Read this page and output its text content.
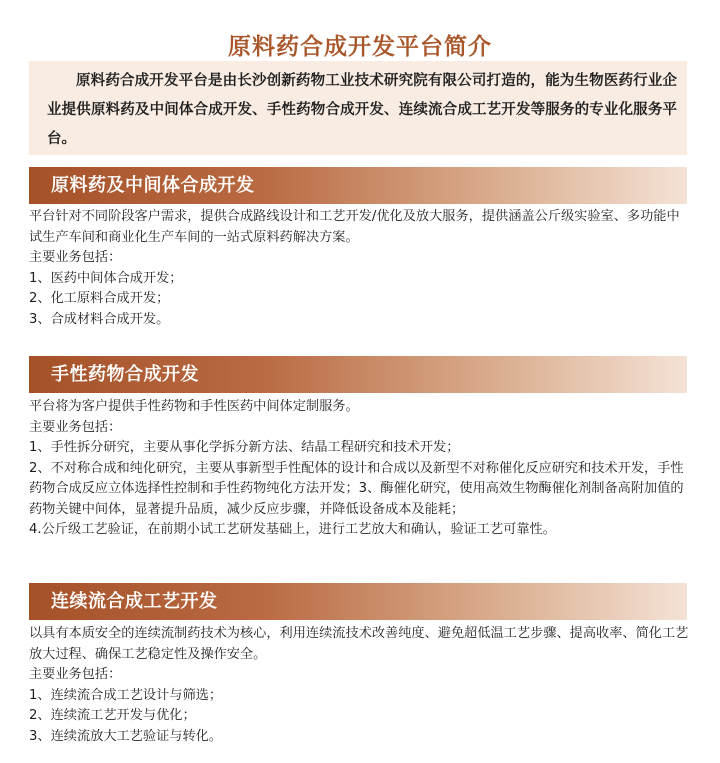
原料药合成开发平台简介
原料药合成开发平台是由长沙创新药物工业技术研究院有限公司打造的，能为生物医药行业企业提供原料药及中间体合成开发、手性药物合成开发、连续流合成工艺开发等服务的专业化服务平台。
原料药及中间体合成开发

平台针对不同阶段客户需求，提供合成路线设计和工艺开发/优化及放大服务，提供涵盖公斤级实验室、多功能中试生产车间和商业化生产车间的一站式原料药解决方案。

主要业务包括：

1、医药中间体合成开发；

2、化工原料合成开发；

3、合成材料合成开发。

手性药物合成开发

平台将为客户提供手性药物和手性医药中间体定制服务。

主要业务包括：

1、手性拆分研究，主要从事化学拆分新方法、结晶工程研究和技术开发；

2、不对称合成和纯化研究，主要从事新型手性配体的设计和合成以及新型不对称催化反应研究和技术开发，手性药物合成反应立体选择性控制和手性药物纯化方法开发；3、酶催化研究，使用高效生物酶催化剂制备高附加值的药物关键中间体，显著提升品质，减少反应步骤，并降低设备成本及能耗；

4.公斤级工艺验证，在前期小试工艺研发基础上，进行工艺放大和确认，验证工艺可靠性。

连续流合成工艺开发

以具有本质安全的连续流制药技术为核心，利用连续流技术改善纯度、避免超低温工艺步骤、提高收率、简化工艺放大过程、确保工艺稳定性及操作安全。

主要业务包括：

1、连续流合成工艺设计与筛选；

2、连续流工艺开发与优化；

3、连续流放大工艺验证与转化。
